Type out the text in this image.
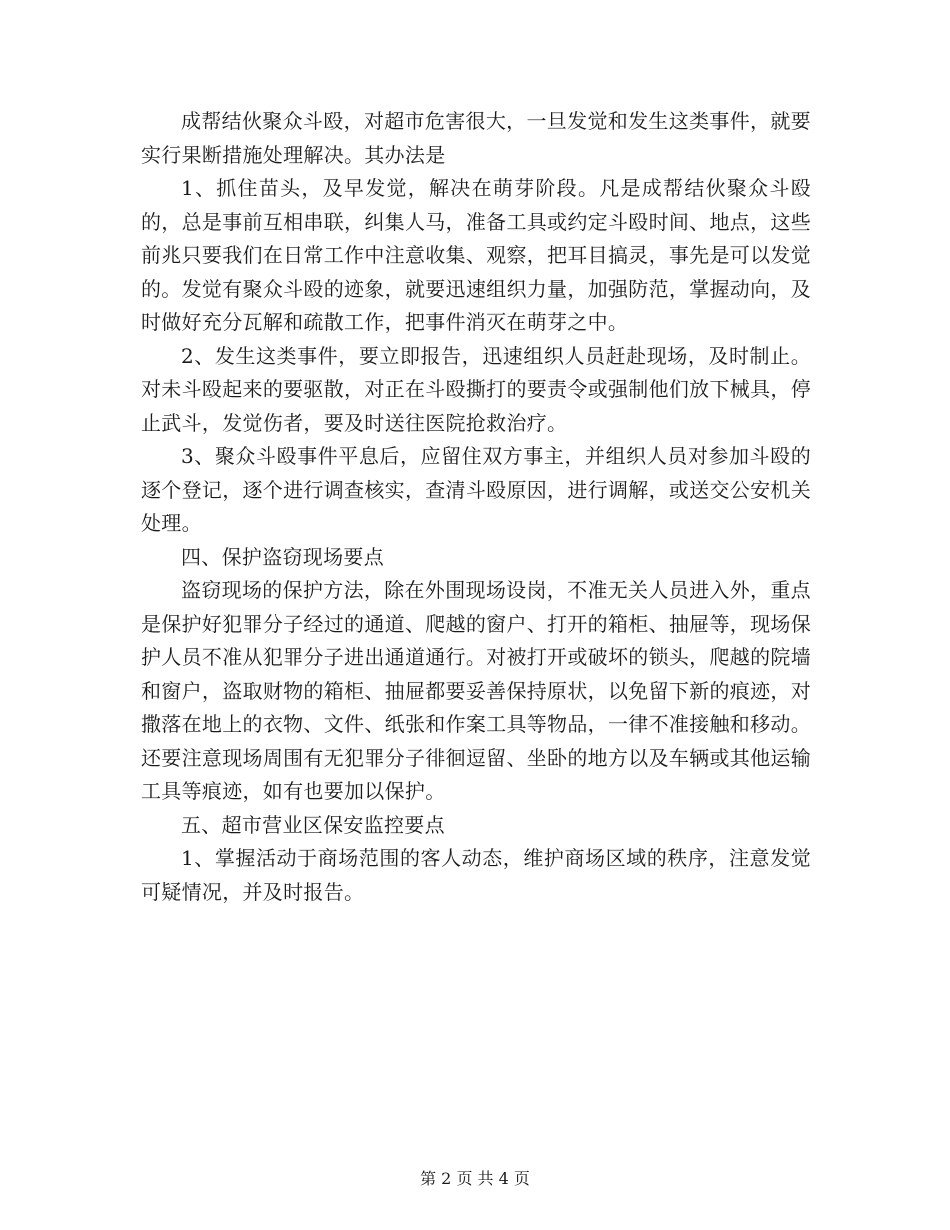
成帮结伙聚众斗殴，对超市危害很大，一旦发觉和发生这类事件，就要实行果断措施处理解决。其办法是

1、抓住苗头，及早发觉，解决在萌芽阶段。凡是成帮结伙聚众斗殴的，总是事前互相串联，纠集人马，准备工具或约定斗殴时间、地点，这些前兆只要我们在日常工作中注意收集、观察，把耳目搞灵，事先是可以发觉的。发觉有聚众斗殴的迹象，就要迅速组织力量，加强防范，掌握动向，及时做好充分瓦解和疏散工作，把事件消灭在萌芽之中。

2、发生这类事件，要立即报告，迅速组织人员赶赴现场，及时制止。对未斗殴起来的要驱散，对正在斗殴撕打的要责令或强制他们放下械具，停止武斗，发觉伤者，要及时送往医院抢救治疗。

3、聚众斗殴事件平息后，应留住双方事主，并组织人员对参加斗殴的逐个登记，逐个进行调查核实，查清斗殴原因，进行调解，或送交公安机关处理。

四、保护盗窃现场要点

盗窃现场的保护方法，除在外围现场设岗，不准无关人员进入外，重点是保护好犯罪分子经过的通道、爬越的窗户、打开的箱柜、抽屉等，现场保护人员不准从犯罪分子进出通道通行。对被打开或破坏的锁头，爬越的院墙和窗户，盗取财物的箱柜、抽屉都要妥善保持原状，以免留下新的痕迹，对撒落在地上的衣物、文件、纸张和作案工具等物品，一律不准接触和移动。还要注意现场周围有无犯罪分子徘徊逗留、坐卧的地方以及车辆或其他运输工具等痕迹，如有也要加以保护。

五、超市营业区保安监控要点

1、掌握活动于商场范围的客人动态，维护商场区域的秩序，注意发觉可疑情况，并及时报告。

第 2 页 共 4 页
